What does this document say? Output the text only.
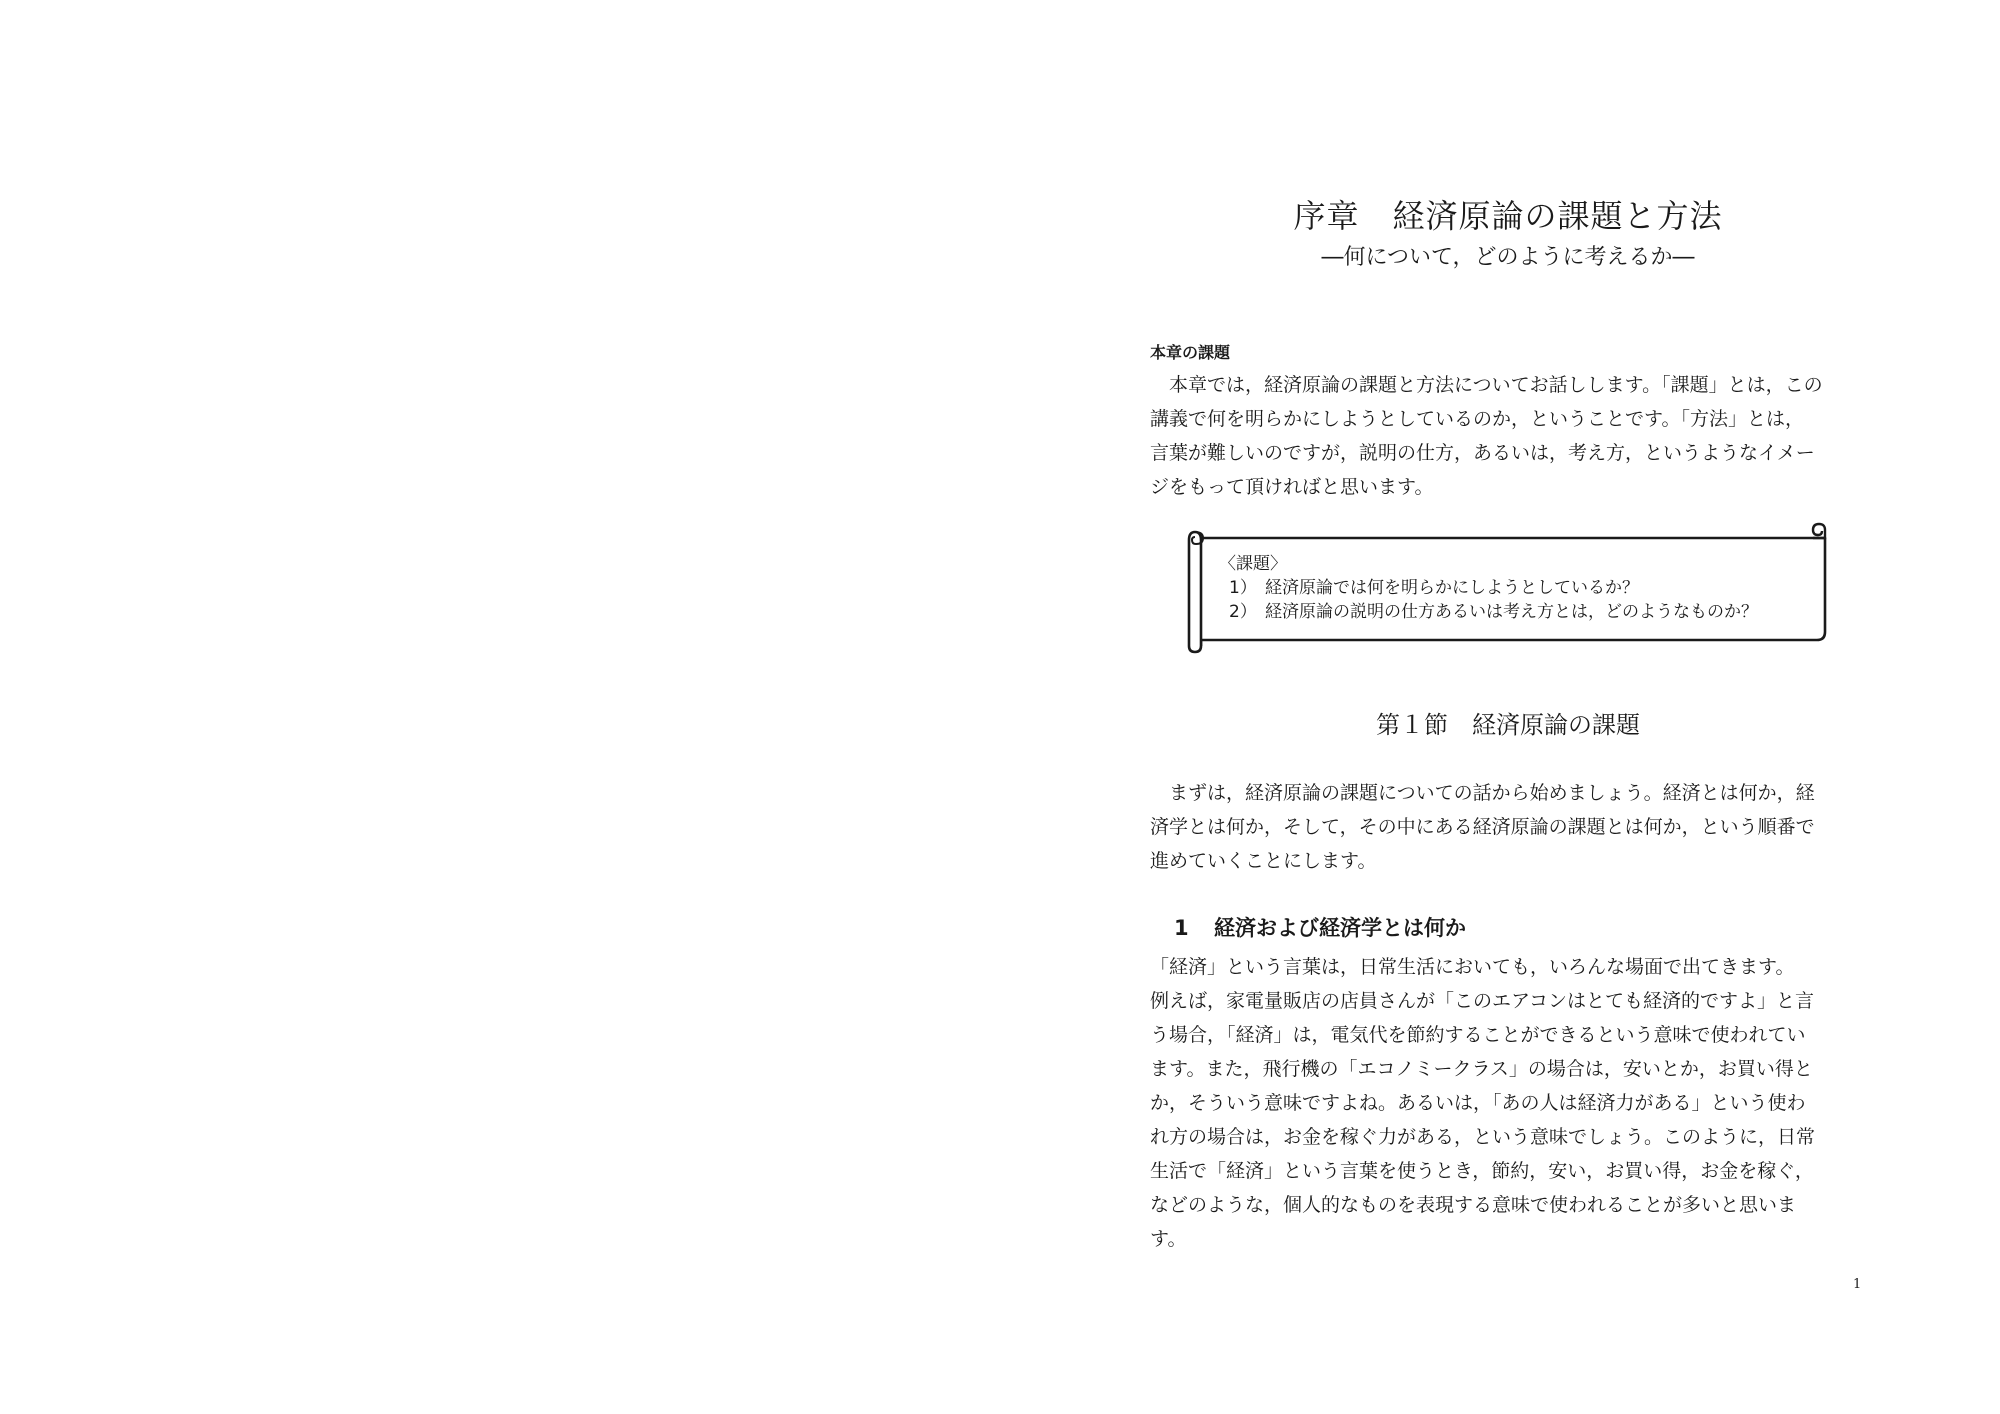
序章　経済原論の課題と方法
―何について，どのように考えるか―
本章の課題
　本章では，経済原論の課題と方法についてお話しします。「課題」とは，この
講義で何を明らかにしようとしているのか，ということです。「方法」とは，
言葉が難しいのですが，説明の仕方，あるいは，考え方，というようなイメー
ジをもって頂ければと思います。
〈課題〉
1） 経済原論では何を明らかにしようとしているか？
2） 経済原論の説明の仕方あるいは考え方とは，どのようなものか？
第１節　経済原論の課題
　まずは，経済原論の課題についての話から始めましょう。経済とは何か，経
済学とは何か，そして，その中にある経済原論の課題とは何か，という順番で
進めていくことにします。
1 経済および経済学とは何か
「経済」という言葉は，日常生活においても，いろんな場面で出てきます。
例えば，家電量販店の店員さんが「このエアコンはとても経済的ですよ」と言
う場合，「経済」は，電気代を節約することができるという意味で使われてい
ます。また，飛行機の「エコノミークラス」の場合は，安いとか，お買い得と
か，そういう意味ですよね。あるいは，「あの人は経済力がある」という使わ
れ方の場合は，お金を稼ぐ力がある，という意味でしょう。このように，日常
生活で「経済」という言葉を使うとき，節約，安い，お買い得，お金を稼ぐ，
などのような，個人的なものを表現する意味で使われることが多いと思いま
す。
1
